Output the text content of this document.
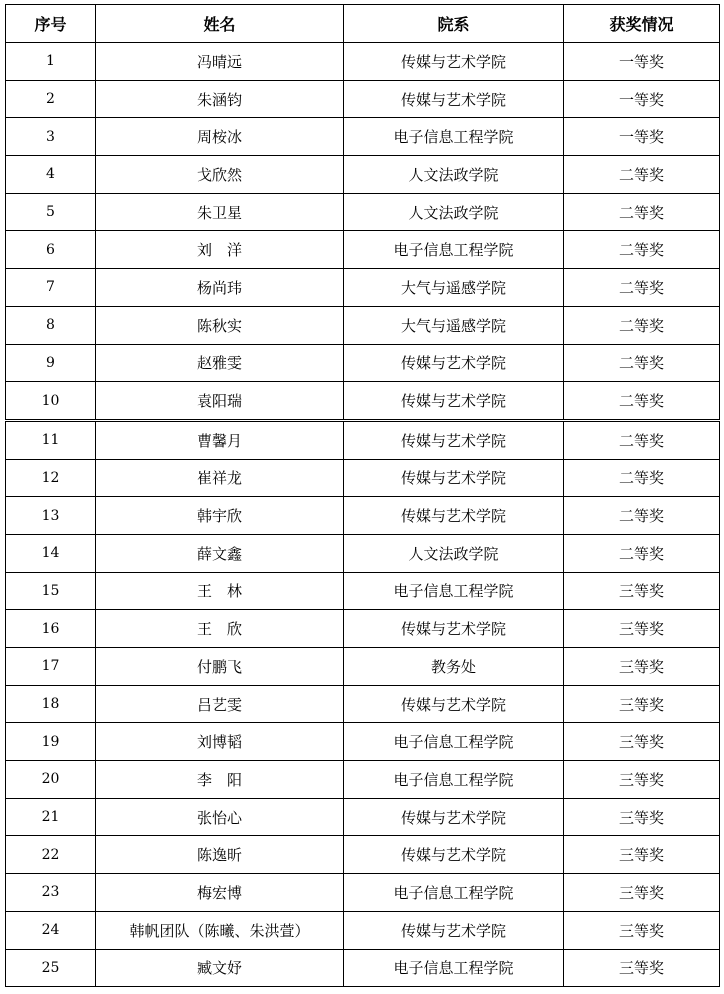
序号	姓名	院系	获奖情况
1	冯晴远	传媒与艺术学院	一等奖
2	朱涵钧	传媒与艺术学院	一等奖
3	周桉冰	电子信息工程学院	一等奖
4	戈欣然	人文法政学院	二等奖
5	朱卫星	人文法政学院	二等奖
6	刘　洋	电子信息工程学院	二等奖
7	杨尚玮	大气与遥感学院	二等奖
8	陈秋实	大气与遥感学院	二等奖
9	赵雅雯	传媒与艺术学院	二等奖
10	袁阳瑞	传媒与艺术学院	二等奖
11	曹馨月	传媒与艺术学院	二等奖
12	崔祥龙	传媒与艺术学院	二等奖
13	韩宇欣	传媒与艺术学院	二等奖
14	薛文鑫	人文法政学院	二等奖
15	王　林	电子信息工程学院	三等奖
16	王　欣	传媒与艺术学院	三等奖
17	付鹏飞	教务处	三等奖
18	吕艺雯	传媒与艺术学院	三等奖
19	刘博韬	电子信息工程学院	三等奖
20	李　阳	电子信息工程学院	三等奖
21	张怡心	传媒与艺术学院	三等奖
22	陈逸昕	传媒与艺术学院	三等奖
23	梅宏博	电子信息工程学院	三等奖
24	韩帆团队（陈曦、朱洪萱）	传媒与艺术学院	三等奖
25	臧文妤	电子信息工程学院	三等奖
